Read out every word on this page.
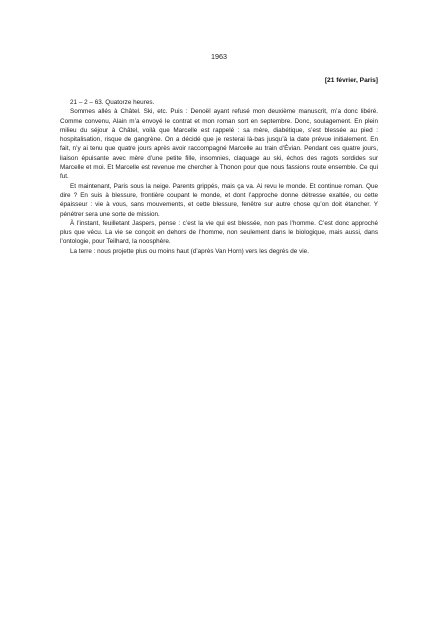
1963
[21 février, Paris]

21 – 2 – 63. Quatorze heures.

Sommes allés à Châtel. Ski, etc. Puis : Denoël ayant refusé mon deuxième manuscrit, m’a donc libéré. Comme convenu, Alain m’a envoyé le contrat et mon roman sort en septembre. Donc, soulagement. En plein milieu du séjour à Châtel, voilà que Marcelle est rappelé : sa mère, diabétique, s’est blessée au pied : hospitalisation, risque de gangrène. On a décidé que je resterai là-bas jusqu’à la date prévue initialement. En fait, n’y ai tenu que quatre jours après avoir raccompagné Marcelle au train d’Évian. Pendant ces quatre jours, liaison épuisante avec mère d’une petite fille, insomnies, claquage au ski, échos des ragots sordides sur Marcelle et moi. Et Marcelle est revenue me chercher à Thonon pour que nous fassions route ensemble. Ce qui fut.

Et maintenant, Paris sous la neige. Parents grippés, mais ça va. Ai revu le monde. Et continue roman. Que dire ? En suis à blessure, frontière coupant le monde, et dont l’approche donne détresse exaltée, ou cette épaisseur : vie à vous, sans mouvements, et cette blessure, fenêtre sur autre chose qu’on doit étancher. Y pénétrer sera une sorte de mission.

À l’instant, feuilletant Jaspers, pense : c’est la vie qui est blessée, non pas l’homme. C’est donc approché plus que vécu. La vie se conçoit en dehors de l’homme, non seulement dans le biologique, mais aussi, dans l’ontologie, pour Teilhard, la noosphère.

La terre : nous projette plus ou moins haut (d’après Van Horn) vers les degrés de vie.
